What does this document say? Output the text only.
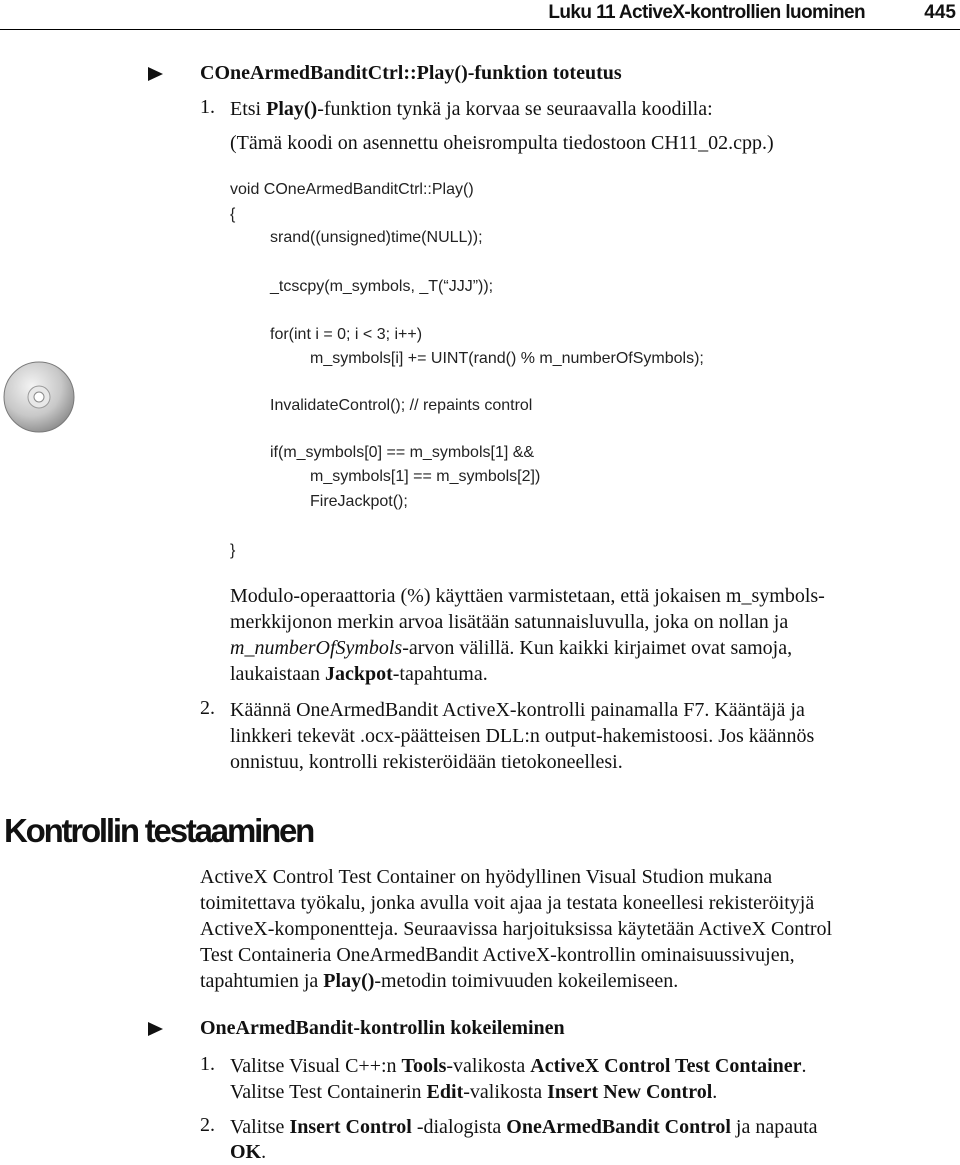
Luku 11 ActiveX-kontrollien luominen	445
COneArmedBanditCtrl::Play()-funktion toteutus
1. Etsi Play()-funktion tynkä ja korvaa se seuraavalla koodilla:
(Tämä koodi on asennettu oheisrompulta tiedostoon CH11_02.cpp.)
void COneArmedBanditCtrl::Play()
{
srand((unsigned)time(NULL));
_tcscpy(m_symbols, _T(“JJJ”));
for(int i = 0; i < 3; i++)
m_symbols[i] += UINT(rand() % m_numberOfSymbols);
InvalidateControl(); // repaints control
if(m_symbols[0] == m_symbols[1] &&
m_symbols[1] == m_symbols[2])
FireJackpot();
}
Modulo-operaattoria (%) käyttäen varmistetaan, että jokaisen m_symbols-
merkkijonon merkin arvoa lisätään satunnaisluvulla, joka on nollan ja
m_numberOfSymbols-arvon välillä. Kun kaikki kirjaimet ovat samoja,
laukaistaan Jackpot-tapahtuma.
2. Käännä OneArmedBandit ActiveX-kontrolli painamalla F7. Kääntäjä ja
linkkeri tekevät .ocx-päätteisen DLL:n output-hakemistoosi. Jos käännös
onnistuu, kontrolli rekisteröidään tietokoneellesi.
Kontrollin testaaminen
ActiveX Control Test Container on hyödyllinen Visual Studion mukana
toimitettava työkalu, jonka avulla voit ajaa ja testata koneellesi rekisteröityjä
ActiveX-komponentteja. Seuraavissa harjoituksissa käytetään ActiveX Control
Test Containeria OneArmedBandit ActiveX-kontrollin ominaisuussivujen,
tapahtumien ja Play()-metodin toimivuuden kokeilemiseen.
OneArmedBandit-kontrollin kokeileminen
1. Valitse Visual C++:n Tools-valikosta ActiveX Control Test Container.
Valitse Test Containerin Edit-valikosta Insert New Control.
2. Valitse Insert Control -dialogista OneArmedBandit Control ja napauta
OK.
